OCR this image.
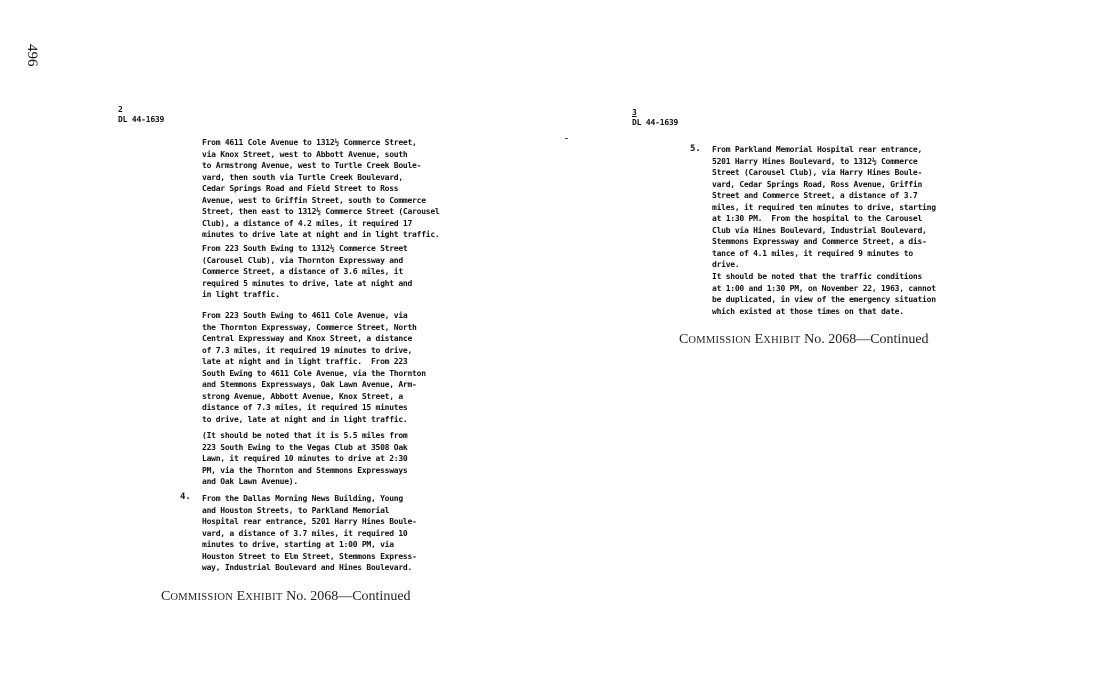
496
2
DL 44-1639

From 4611 Cole Avenue to 1312½ Commerce Street,
via Knox Street, west to Abbott Avenue, south
to Armstrong Avenue, west to Turtle Creek Boule-
vard, then south via Turtle Creek Boulevard,
Cedar Springs Road and Field Street to Ross
Avenue, west to Griffin Street, south to Commerce
Street, then east to 1312½ Commerce Street (Carousel
Club), a distance of 4.2 miles, it required 17
minutes to drive late at night and in light traffic.

From 223 South Ewing to 1312½ Commerce Street
(Carousel Club), via Thornton Expressway and
Commerce Street, a distance of 3.6 miles, it
required 5 minutes to drive, late at night and
in light traffic.

From 223 South Ewing to 4611 Cole Avenue, via
the Thornton Expressway, Commerce Street, North
Central Expressway and Knox Street, a distance
of 7.3 miles, it required 19 minutes to drive,
late at night and in light traffic.  From 223
South Ewing to 4611 Cole Avenue, via the Thornton
and Stemmons Expressways, Oak Lawn Avenue, Arm-
strong Avenue, Abbott Avenue, Knox Street, a
distance of 7.3 miles, it required 15 minutes
to drive, late at night and in light traffic.

(It should be noted that it is 5.5 miles from
223 South Ewing to the Vegas Club at 3508 Oak
Lawn, it required 10 minutes to drive at 2:30
PM, via the Thornton and Stemmons Expressways
and Oak Lawn Avenue).

4. From the Dallas Morning News Building, Young
and Houston Streets, to Parkland Memorial
Hospital rear entrance, 5201 Harry Hines Boule-
vard, a distance of 3.7 miles, it required 10
minutes to drive, starting at 1:00 PM, via
Houston Street to Elm Street, Stemmons Express-
way, Industrial Boulevard and Hines Boulevard.

COMMISSION EXHIBIT No. 2068—Continued
3
DL 44-1639
5. From Parkland Memorial Hospital rear entrance,
5201 Harry Hines Boulevard, to 1312½ Commerce
Street (Carousel Club), via Harry Hines Boule-
vard, Cedar Springs Road, Ross Avenue, Griffin
Street and Commerce Street, a distance of 3.7
miles, it required ten minutes to drive, starting
at 1:30 PM.  From the hospital to the Carousel
Club via Hines Boulevard, Industrial Boulevard,
Stemmons Expressway and Commerce Street, a dis-
tance of 4.1 miles, it required 9 minutes to
drive.

It should be noted that the traffic conditions
at 1:00 and 1:30 PM, on November 22, 1963, cannot
be duplicated, in view of the emergency situation
which existed at those times on that date.

COMMISSION EXHIBIT No. 2068—Continued
